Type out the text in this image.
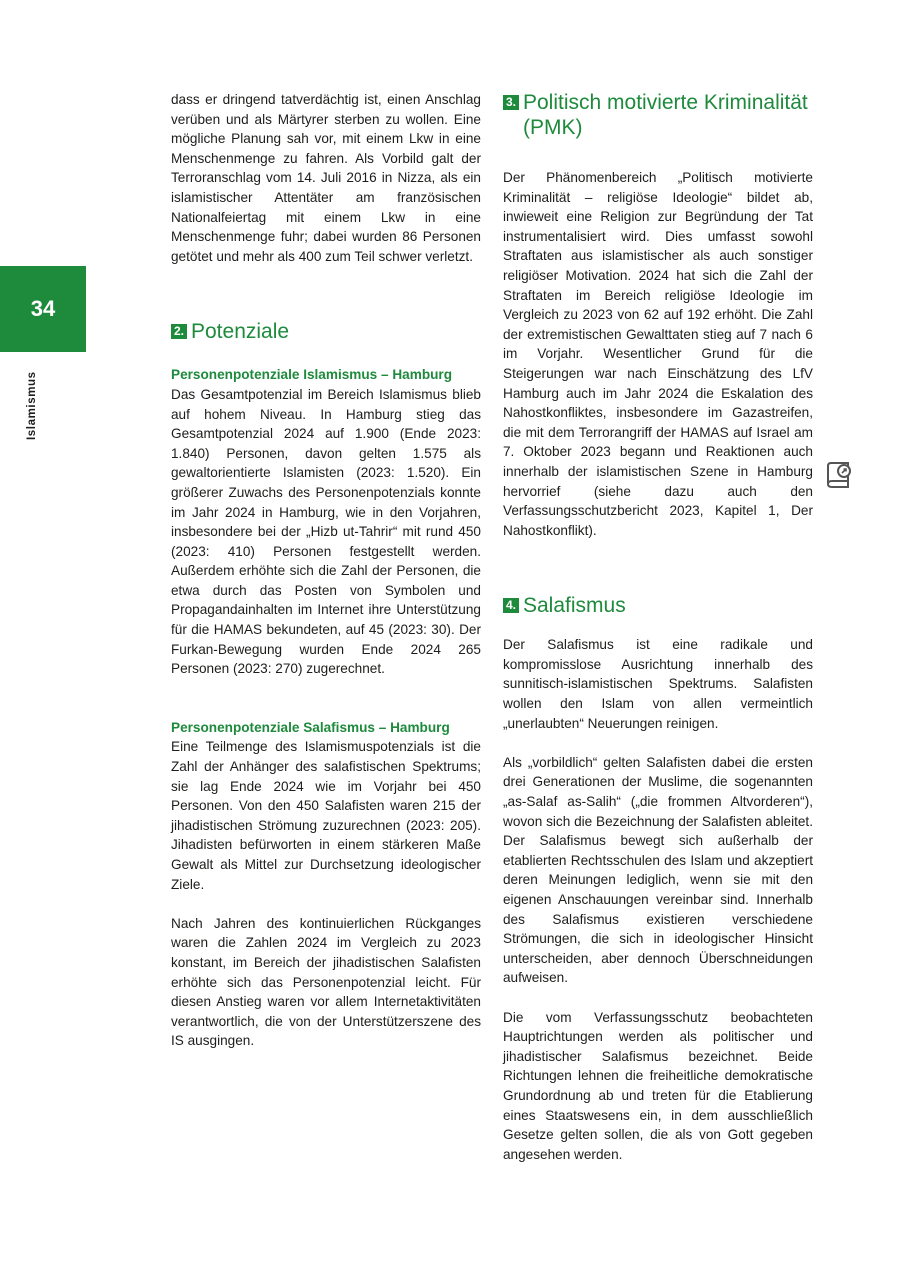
34
Islamismus

dass er dringend tatverdächtig ist, einen Anschlag verüben und als Märtyrer sterben zu wollen. Eine mögliche Planung sah vor, mit einem Lkw in eine Menschenmenge zu fahren. Als Vorbild galt der Terroranschlag vom 14. Juli 2016 in Nizza, als ein islamistischer Attentäter am französischen Nationalfeiertag mit einem Lkw in eine Menschenmenge fuhr; dabei wurden 86 Personen getötet und mehr als 400 zum Teil schwer verletzt.

2. Potenziale
Personenpotenziale Islamismus – Hamburg

Das Gesamtpotenzial im Bereich Islamismus blieb auf hohem Niveau. In Hamburg stieg das Gesamtpotenzial 2024 auf 1.900 (Ende 2023: 1.840) Personen, davon gelten 1.575 als gewaltorientierte Islamisten (2023: 1.520). Ein größerer Zuwachs des Personenpotenzials konnte im Jahr 2024 in Hamburg, wie in den Vorjahren, insbesondere bei der „Hizb ut-Tahrir“ mit rund 450 (2023: 410) Personen festgestellt werden. Außerdem erhöhte sich die Zahl der Personen, die etwa durch das Posten von Symbolen und Propagandainhalten im Internet ihre Unterstützung für die HAMAS bekundeten, auf 45 (2023: 30). Der Furkan-Bewegung wurden Ende 2024 265 Personen (2023: 270) zugerechnet.

Personenpotenziale Salafismus – Hamburg

Eine Teilmenge des Islamismuspotenzials ist die Zahl der Anhänger des salafistischen Spektrums; sie lag Ende 2024 wie im Vorjahr bei 450 Personen. Von den 450 Salafisten waren 215 der jihadistischen Strömung zuzurechnen (2023: 205). Jihadisten befürworten in einem stärkeren Maße Gewalt als Mittel zur Durchsetzung ideologischer Ziele.

Nach Jahren des kontinuierlichen Rückganges waren die Zahlen 2024 im Vergleich zu 2023 konstant, im Bereich der jihadistischen Salafisten erhöhte sich das Personenpotenzial leicht. Für diesen Anstieg waren vor allem Internetaktivitäten verantwortlich, die von der Unterstützerszene des IS ausgingen.

3. Politisch motivierte Kriminalität (PMK)

Der Phänomenbereich „Politisch motivierte Kriminalität – religiöse Ideologie“ bildet ab, inwieweit eine Religion zur Begründung der Tat instrumentalisiert wird. Dies umfasst sowohl Straftaten aus islamistischer als auch sonstiger religiöser Motivation. 2024 hat sich die Zahl der Straftaten im Bereich religiöse Ideologie im Vergleich zu 2023 von 62 auf 192 erhöht. Die Zahl der extremistischen Gewalttaten stieg auf 7 nach 6 im Vorjahr. Wesentlicher Grund für die Steigerungen war nach Einschätzung des LfV Hamburg auch im Jahr 2024 die Eskalation des Nahostkonfliktes, insbesondere im Gazastreifen, die mit dem Terrorangriff der HAMAS auf Israel am 7. Oktober 2023 begann und Reaktionen auch innerhalb der islamistischen Szene in Hamburg hervorrief (siehe dazu auch den Verfassungsschutzbericht 2023, Kapitel 1, Der Nahostkonflikt).

4. Salafismus

Der Salafismus ist eine radikale und kompromisslose Ausrichtung innerhalb des sunnitisch-islamistischen Spektrums. Salafisten wollen den Islam von allen vermeintlich „unerlaubten“ Neuerungen reinigen.

Als „vorbildlich“ gelten Salafisten dabei die ersten drei Generationen der Muslime, die sogenannten „as-Salaf as-Salih“ („die frommen Altvorderen“), wovon sich die Bezeichnung der Salafisten ableitet. Der Salafismus bewegt sich außerhalb der etablierten Rechtsschulen des Islam und akzeptiert deren Meinungen lediglich, wenn sie mit den eigenen Anschauungen vereinbar sind. Innerhalb des Salafismus existieren verschiedene Strömungen, die sich in ideologischer Hinsicht unterscheiden, aber dennoch Überschneidungen aufweisen.

Die vom Verfassungsschutz beobachteten Hauptrichtungen werden als politischer und jihadistischer Salafismus bezeichnet. Beide Richtungen lehnen die freiheitliche demokratische Grundordnung ab und treten für die Etablierung eines Staatswesens ein, in dem ausschließlich Gesetze gelten sollen, die als von Gott gegeben angesehen werden.
